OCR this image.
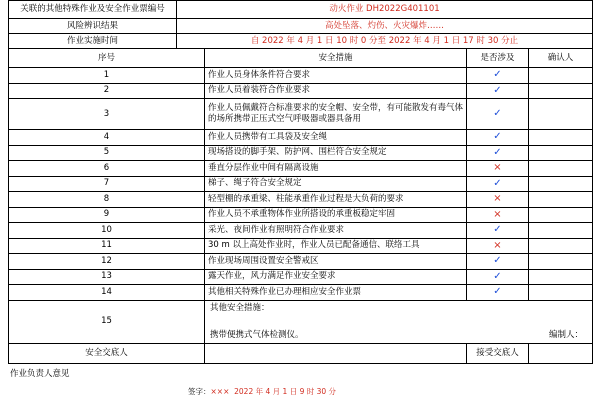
关联的其他特殊作业及安全作业票编号	动火作业 DH2022G401101			
风险辨识结果	高处坠落、灼伤、火灾爆炸……			
作业实施时间	自 2022 年 4 月 1 日 10 时 0 分至 2022 年 4 月 1 日 17 时 30 分止			
序号		安全措施	是否涉及	确认人
1		作业人员身体条件符合要求	✓	
2		作业人员着装符合作业要求	✓	
3		作业人员佩戴符合标准要求的安全帽、安全带，有可能散发有毒气体的场所携带正压式空气呼吸器或器具备用	✓	
4		作业人员携带有工具袋及安全绳	✓	
5		现场搭设的脚手架、防护网、围栏符合安全规定	✓	
6		垂直分层作业中间有隔离设施	×	
7		梯子、绳子符合安全规定	✓	
8		轻型棚的承重梁、柱能承重作业过程是大负荷的要求	×	
9		作业人员不承重物体作业所搭设的承重板稳定牢固	×	
10		采光、夜间作业有照明符合作业要求	✓	
11		30 m 以上高处作业时，作业人员已配备通信、联络工具	×	
12		作业现场周围设置安全警戒区	✓	
13		露天作业，风力满足作业安全要求	✓	
14		其他相关特殊作业已办理相应安全作业票	✓	
15		其他安全措施：
携带便携式气体检测仪。 编制人：		

安全交底人			接受交底人	
作业负责人意见
签字：××× 2022 年 4 月 1 日 9 时 30 分
